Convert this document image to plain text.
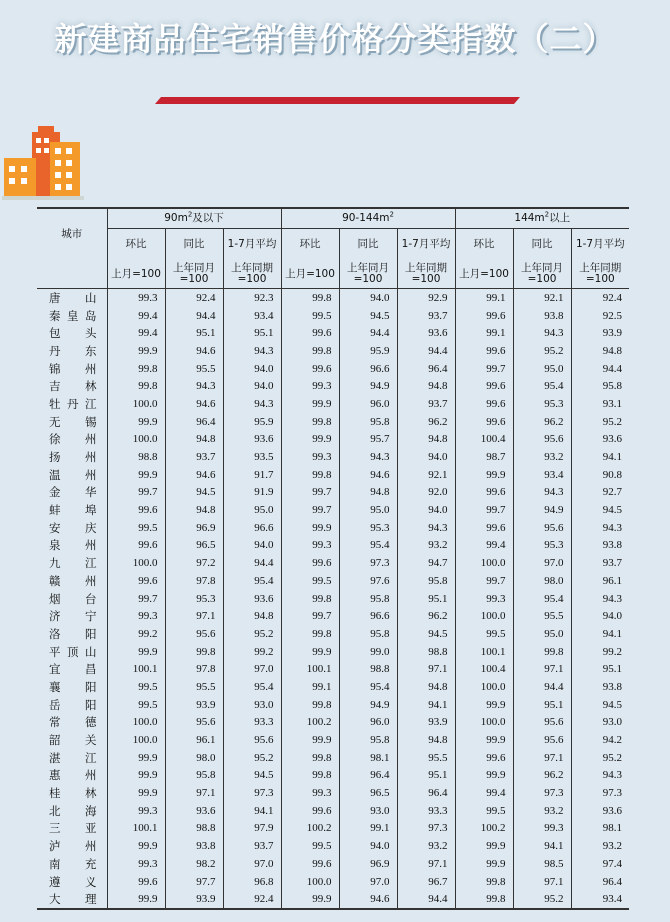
新建商品住宅销售价格分类指数（二）
城市	$90m^2$及以下			$90-144m^2$			$144m^2$以上		
	环比	同比	1-7月平均	环比	同比	1-7月平均	环比	同比	1-7月平均
	上月=100	上年同月=100	上年同期=100	上月=100	上年同月=100	上年同期=100	上月=100	上年同月=100	上年同期=100
唐山	99.3	92.4	92.3	99.8	94.0	92.9	99.1	92.1	92.4
秦皇岛	99.4	94.4	93.4	99.5	94.5	93.7	99.6	93.8	92.5
包头	99.4	95.1	95.1	99.6	94.4	93.6	99.1	94.3	93.9
丹东	99.9	94.6	94.3	99.8	95.9	94.4	99.6	95.2	94.8
锦州	99.8	95.5	94.0	99.6	96.6	96.4	99.7	95.0	94.4
吉林	99.8	94.3	94.0	99.3	94.9	94.8	99.6	95.4	95.8
牡丹江	100.0	94.6	94.3	99.9	96.0	93.7	99.6	95.3	93.1
无锡	99.9	96.4	95.9	99.8	95.8	96.2	99.6	96.2	95.2
徐州	100.0	94.8	93.6	99.9	95.7	94.8	100.4	95.6	93.6
扬州	98.8	93.7	93.5	99.3	94.3	94.0	98.7	93.2	94.1
温州	99.9	94.6	91.7	99.8	94.6	92.1	99.9	93.4	90.8
金华	99.7	94.5	91.9	99.7	94.8	92.0	99.6	94.3	92.7
蚌埠	99.6	94.8	95.0	99.7	95.0	94.0	99.7	94.9	94.5
安庆	99.5	96.9	96.6	99.9	95.3	94.3	99.6	95.6	94.3
泉州	99.6	96.5	94.0	99.3	95.4	93.2	99.4	95.3	93.8
九江	100.0	97.2	94.4	99.6	97.3	94.7	100.0	97.0	93.7
赣州	99.6	97.8	95.4	99.5	97.6	95.8	99.7	98.0	96.1
烟台	99.7	95.3	93.6	99.8	95.8	95.1	99.3	95.4	94.3
济宁	99.3	97.1	94.8	99.7	96.6	96.2	100.0	95.5	94.0
洛阳	99.2	95.6	95.2	99.8	95.8	94.5	99.5	95.0	94.1
平顶山	99.9	99.8	99.2	99.9	99.0	98.8	100.1	99.8	99.2
宜昌	100.1	97.8	97.0	100.1	98.8	97.1	100.4	97.1	95.1
襄阳	99.5	95.5	95.4	99.1	95.4	94.8	100.0	94.4	93.8
岳阳	99.5	93.9	93.0	99.8	94.9	94.1	99.9	95.1	94.5
常德	100.0	95.6	93.3	100.2	96.0	93.9	100.0	95.6	93.0
韶关	100.0	96.1	95.6	99.9	95.8	94.8	99.9	95.6	94.2
湛江	99.9	98.0	95.2	99.8	98.1	95.5	99.6	97.1	95.2
惠州	99.9	95.8	94.5	99.8	96.4	95.1	99.9	96.2	94.3
桂林	99.9	97.1	97.3	99.3	96.5	96.4	99.4	97.3	97.3
北海	99.3	93.6	94.1	99.6	93.0	93.3	99.5	93.2	93.6
三亚	100.1	98.8	97.9	100.2	99.1	97.3	100.2	99.3	98.1
泸州	99.9	93.8	93.7	99.5	94.0	93.2	99.9	94.1	93.2
南充	99.3	98.2	97.0	99.6	96.9	97.1	99.9	98.5	97.4
遵义	99.6	97.7	96.8	100.0	97.0	96.7	99.8	97.1	96.4
大理	99.9	93.9	92.4	99.9	94.6	94.4	99.8	95.2	93.4
